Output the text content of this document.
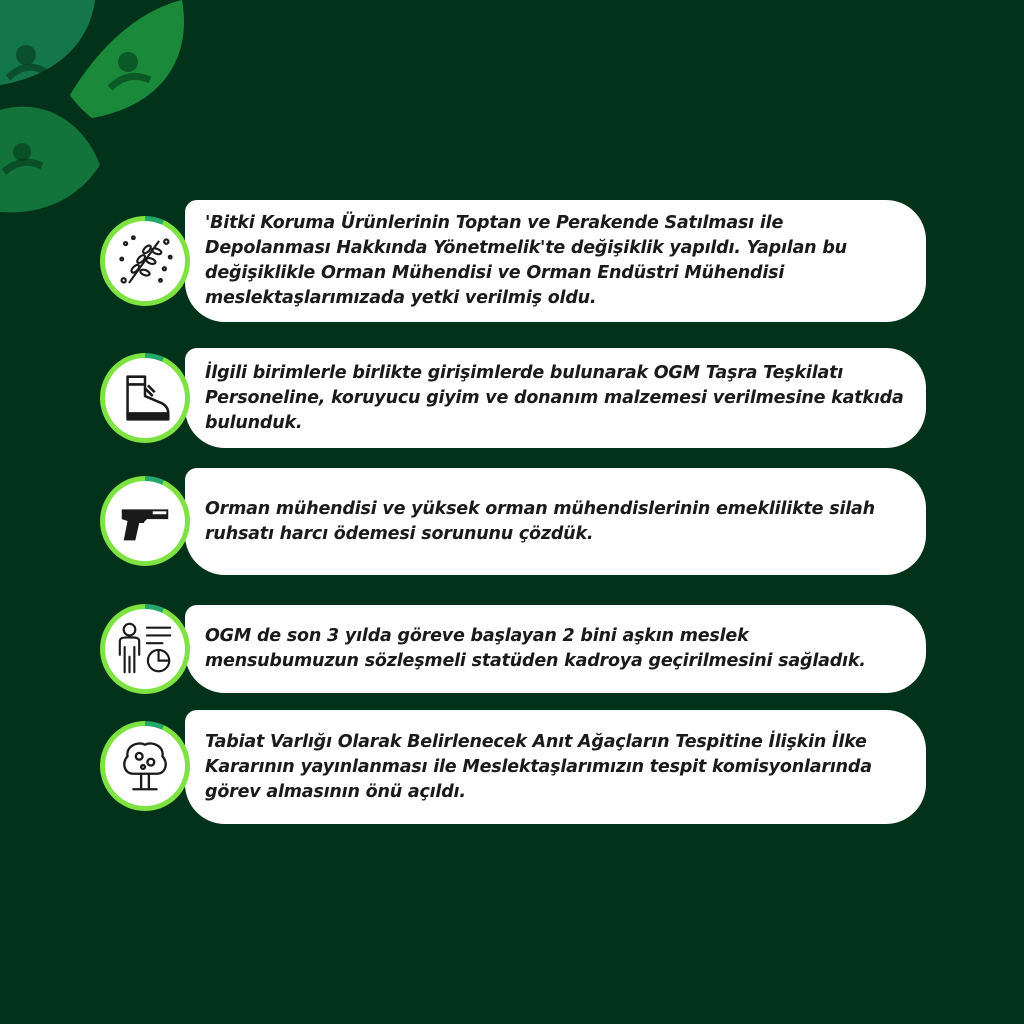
'Bitki Koruma Ürünlerinin Toptan ve Perakende Satılması ile Depolanması Hakkında Yönetmelik'te değişiklik yapıldı. Yapılan bu değişiklikle Orman Mühendisi ve Orman Endüstri Mühendisi meslektaşlarımızada yetki verilmiş oldu.

İlgili birimlerle birlikte girişimlerde bulunarak OGM Taşra Teşkilatı Personeline, koruyucu giyim ve donanım malzemesi verilmesine katkıda bulunduk.

Orman mühendisi ve yüksek orman mühendislerinin emeklilikte silah ruhsatı harcı ödemesi sorununu çözdük.

OGM de son 3 yılda göreve başlayan 2 bini aşkın meslek mensubumuzun sözleşmeli statüden kadroya geçirilmesini sağladık.

Tabiat Varlığı Olarak Belirlenecek Anıt Ağaçların Tespitine İlişkin İlke Kararının yayınlanması ile Meslektaşlarımızın tespit komisyonlarında görev almasının önü açıldı.
